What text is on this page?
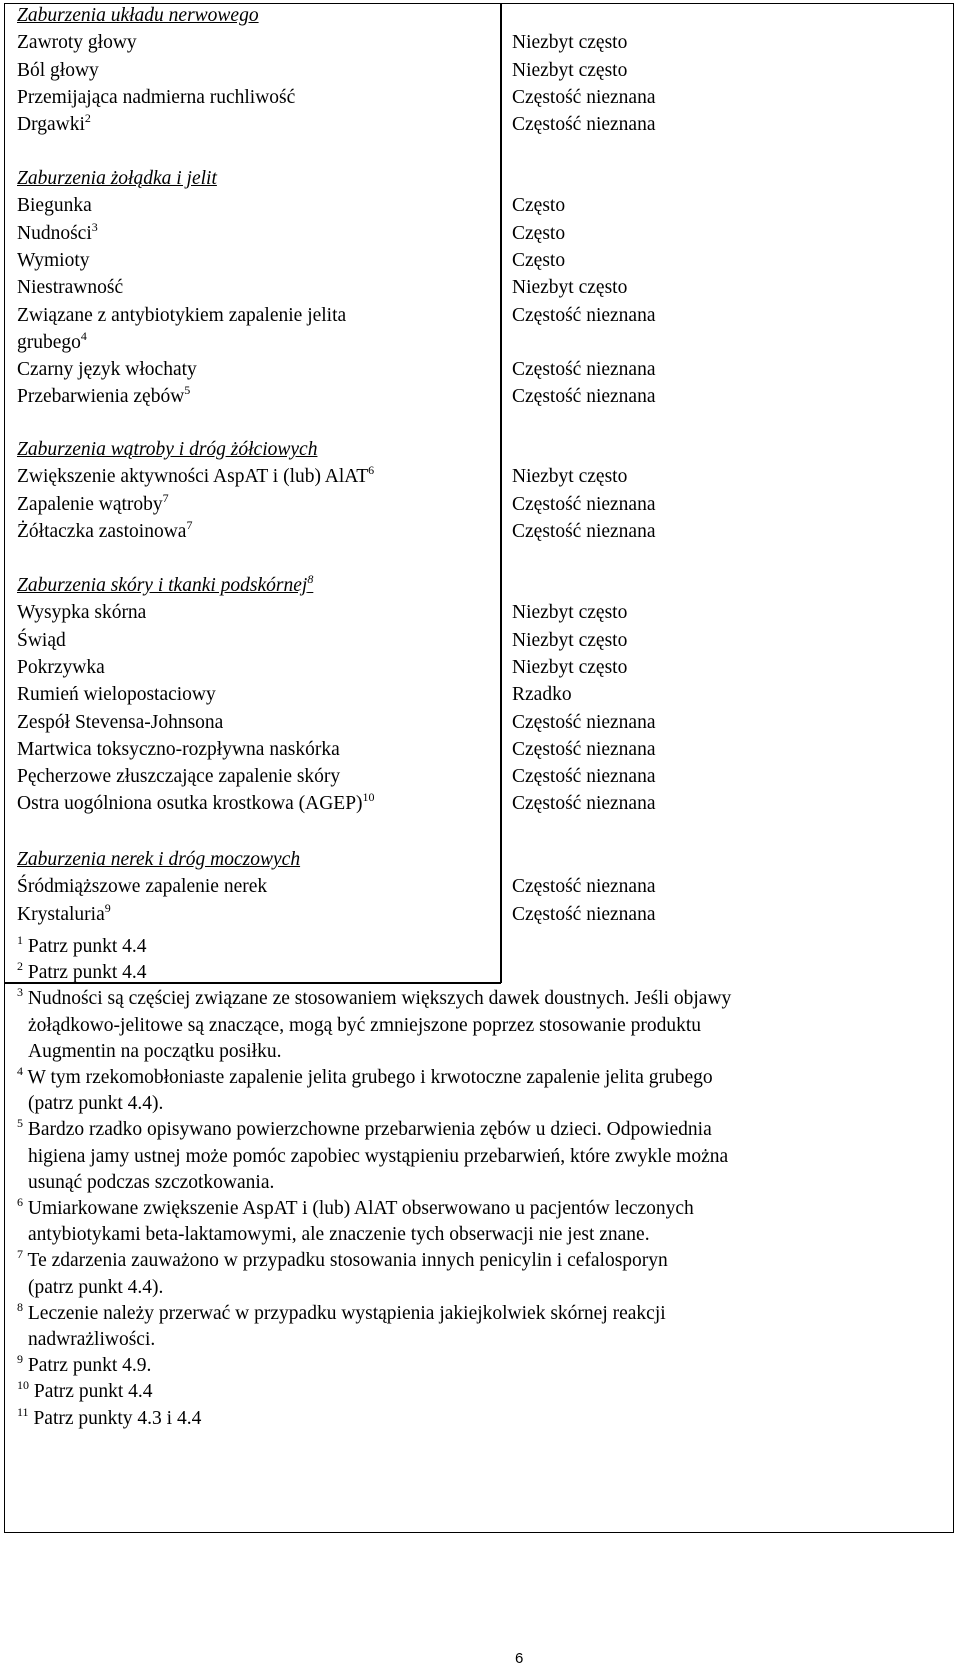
Zaburzenia układu nerwowego
Zawroty głowy	Niezbyt często
Ból głowy	Niezbyt często
Przemijająca nadmierna ruchliwość	Częstość nieznana
Drgawki$^2$	Częstość nieznana
Zaburzenia żołądka i jelit
Biegunka	Często
Nudności$^3$	Często
Wymioty	Często
Niestrawność	Niezbyt często
Związane z antybiotykiem zapalenie jelita	Częstość nieznana
grubego$^4$
Czarny język włochaty	Częstość nieznana
Przebarwienia zębów$^5$	Częstość nieznana
Zaburzenia wątroby i dróg żółciowych
Zwiększenie aktywności AspAT i (lub) AlAT$^6$	Niezbyt często
Zapalenie wątroby$^7$	Częstość nieznana
Żółtaczka zastoinowa$^7$	Częstość nieznana
Zaburzenia skóry i tkanki podskórnej$^8$
Wysypka skórna	Niezbyt często
Świąd	Niezbyt często
Pokrzywka	Niezbyt często
Rumień wielopostaciowy	Rzadko
Zespół Stevensa-Johnsona	Częstość nieznana
Martwica toksyczno-rozpływna naskórka	Częstość nieznana
Pęcherzowe złuszczające zapalenie skóry	Częstość nieznana
Ostra uogólniona osutka krostkowa (AGEP)$^{10}$	Częstość nieznana
Zaburzenia nerek i dróg moczowych
Śródmiąższowe zapalenie nerek	Częstość nieznana
Krystaluria$^9$	Częstość nieznana
$^1$ Patrz punkt 4.4
$^2$ Patrz punkt 4.4
$^3$ Nudności są częściej związane ze stosowaniem większych dawek doustnych. Jeśli objawy
żołądkowo-jelitowe są znaczące, mogą być zmniejszone poprzez stosowanie produktu
Augmentin na początku posiłku.
$^4$ W tym rzekomobłoniaste zapalenie jelita grubego i krwotoczne zapalenie jelita grubego
(patrz punkt 4.4).
$^5$ Bardzo rzadko opisywano powierzchowne przebarwienia zębów u dzieci. Odpowiednia
higiena jamy ustnej może pomóc zapobiec wystąpieniu przebarwień, które zwykle można
usunąć podczas szczotkowania.
$^6$ Umiarkowane zwiększenie AspAT i (lub) AlAT obserwowano u pacjentów leczonych
antybiotykami beta-laktamowymi, ale znaczenie tych obserwacji nie jest znane.
$^7$ Te zdarzenia zauważono w przypadku stosowania innych penicylin i cefalosporyn
(patrz punkt 4.4).
$^8$ Leczenie należy przerwać w przypadku wystąpienia jakiejkolwiek skórnej reakcji
nadwrażliwości.
$^9$ Patrz punkt 4.9.
$^{10}$ Patrz punkt 4.4
$^{11}$ Patrz punkty 4.3 i 4.4
6
